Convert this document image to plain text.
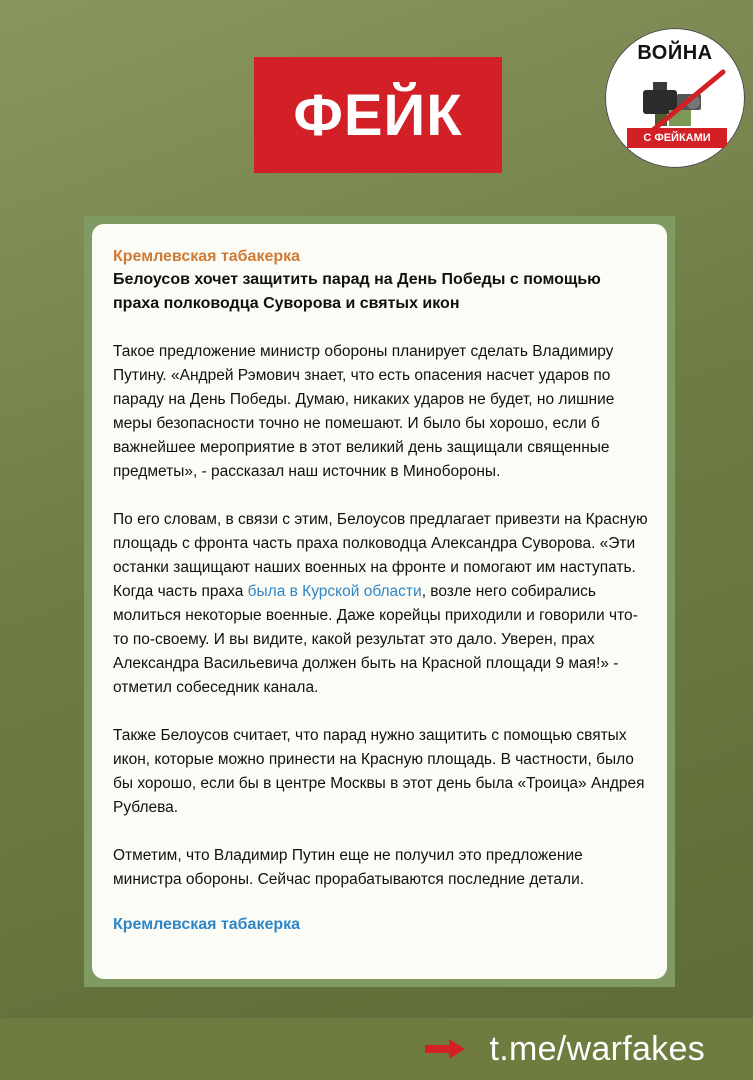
ФЕЙК
ВОЙНА
С ФЕЙКАМИ
Кремлевская табакерка
Белоусов хочет защитить парад на День Победы с помощью праха полководца Суворова и святых икон
Такое предложение министр обороны планирует сделать Владимиру Путину. «Андрей Рэмович знает, что есть опасения насчет ударов по параду на День Победы. Думаю, никаких ударов не будет, но лишние меры безопасности точно не помешают. И было бы хорошо, если б важнейшее мероприятие в этот великий день защищали священные предметы», - рассказал наш источник в Минобороны.
По его словам, в связи с этим, Белоусов предлагает привезти на Красную площадь с фронта часть праха полководца Александра Суворова. «Эти останки защищают наших военных на фронте и помогают им наступать. Когда часть праха была в Курской области, возле него собирались молиться некоторые военные. Даже корейцы приходили и говорили что-то по-своему. И вы видите, какой результат это дало. Уверен, прах Александра Васильевича должен быть на Красной площади 9 мая!» - отметил собеседник канала.
Также Белоусов считает, что парад нужно защитить с помощью святых икон, которые можно принести на Красную площадь. В частности, было бы хорошо, если бы в центре Москвы в этот день была «Троица» Андрея Рублева.
Отметим, что Владимир Путин еще не получил это предложение министра обороны. Сейчас прорабатываются последние детали.
Кремлевская табакерка
t.me/warfakes
